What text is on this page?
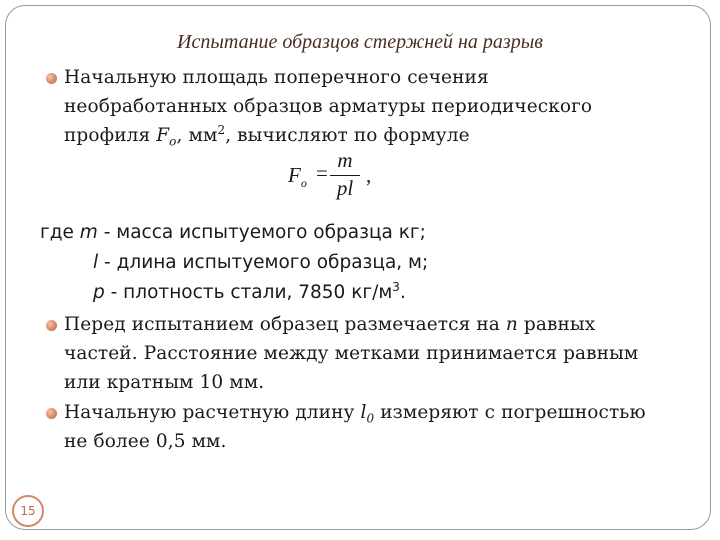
Испытание образцов стержней на разрыв
Начальную площадь поперечного сечения
необработанных образцов арматуры периодического
профиля $F_o$, $мм^2$, вычисляют по формуле
$F_o$ =
m
pl
,
где m - масса испытуемого образца кг;
l - длина испытуемого образца, м;
p - плотность стали, 7850 $кг/м^3$.
Перед испытанием образец размечается на n равных
частей. Расстояние между метками принимается равным
или кратным 10 мм.
Начальную расчетную длину $l_0$ измеряют с погрешностью
не более 0,5 мм.
15
